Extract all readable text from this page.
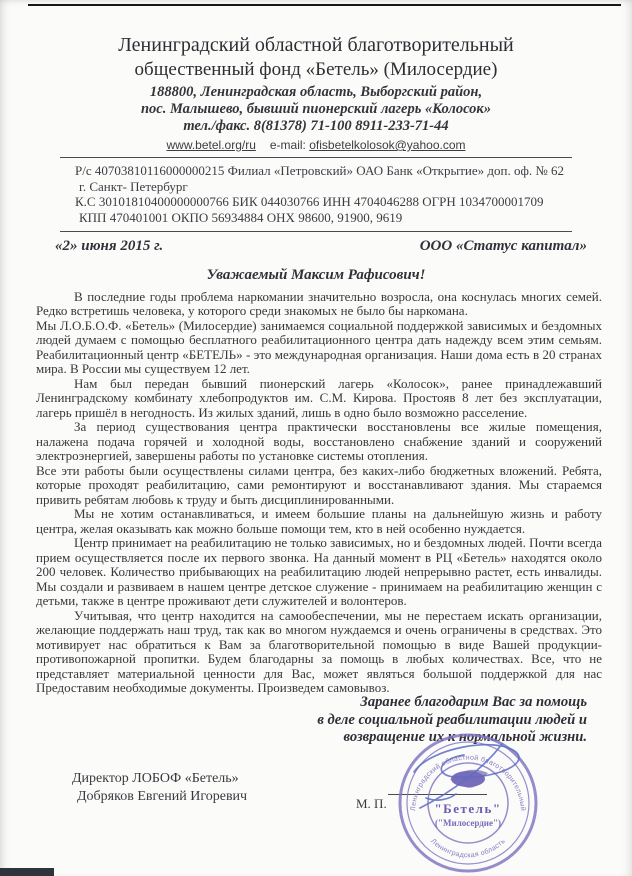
Ленинградский областной благотворительный
общественный фонд «Бетель» (Милосердие)
188800, Ленинградская область, Выборгский район,
пос. Малышево, бывший пионерский лагерь «Колосок»
тел./факс. 8(81378) 71-100 8911-233-71-44
www.betel.org/ru e-mail: ofisbetelkolosok@yahoo.com
Р/с 40703810116000000215 Филиал «Петровский» ОАО Банк «Открытие» доп. оф. № 62
г. Санкт- Петербург
К.С 30101810400000000766 БИК 044030766 ИНН 4704046288 ОГРН 1034700001709
КПП 470401001 ОКПО 56934884 ОНХ 98600, 91900, 9619
«2» июня 2015 г.	ООО «Статус капитал»
Уважаемый Максим Рафисович!

В последние годы проблема наркомании значительно возросла, она коснулась многих семей. Редко встретишь человека, у которого среди знакомых не было бы наркомана.

Мы Л.О.Б.О.Ф. «Бетель» (Милосердие) занимаемся социальной поддержкой зависимых и бездомных людей думаем с помощью бесплатного реабилитационного центра дать надежду всем этим семьям. Реабилитационный центр «БЕТЕЛЬ» - это международная организация. Наши дома есть в 20 странах мира. В России мы существуем 12 лет.

Нам был передан бывший пионерский лагерь «Колосок», ранее принадлежавший Ленинградскому комбинату хлебопродуктов им. С.М. Кирова. Простояв 8 лет без эксплуатации, лагерь пришёл в негодность. Из жилых зданий, лишь в одно было возможно расселение.

За период существования центра практически восстановлены все жилые помещения, налажена подача горячей и холодной воды, восстановлено снабжение зданий и сооружений электроэнергией, завершены работы по установке системы отопления.

Все эти работы были осуществлены силами центра, без каких-либо бюджетных вложений. Ребята, которые проходят реабилитацию, сами ремонтируют и восстанавливают здания. Мы стараемся привить ребятам любовь к труду и быть дисциплинированными.

Мы не хотим останавливаться, и имеем большие планы на дальнейшую жизнь и работу центра, желая оказывать как можно больше помощи тем, кто в ней особенно нуждается.

Центр принимает на реабилитацию не только зависимых, но и бездомных людей. Почти всегда прием осуществляется после их первого звонка. На данный момент в РЦ «Бетель» находятся около 200 человек. Количество прибывающих на реабилитацию людей непрерывно растет, есть инвалиды. Мы создали и развиваем в нашем центре детское служение - принимаем на реабилитацию женщин с детьми, также в центре проживают дети служителей и волонтеров.

Учитывая, что центр находится на самообеспечении, мы не перестаем искать организации, желающие поддержать наш труд, так как во многом нуждаемся и очень ограничены в средствах. Это мотивирует нас обратиться к Вам за благотворительной помощью в виде Вашей продукции-противопожарной пропитки. Будем благодарны за помощь в любых количествах. Все, что не представляет материальной ценности для Вас, может являться большой поддержкой для нас Предоставим необходимые документы. Произведем самовывоз.

Заранее благодарим Вас за помощь
в деле социальной реабилитации людей и
возвращение их к нормальной жизни.
Директор ЛОБОФ «Бетель»
Добряков Евгений Игоревич	М. П.	Ленинградский областной благотворительный
Ленинградская область
"Бетель"
("Милосердие")
